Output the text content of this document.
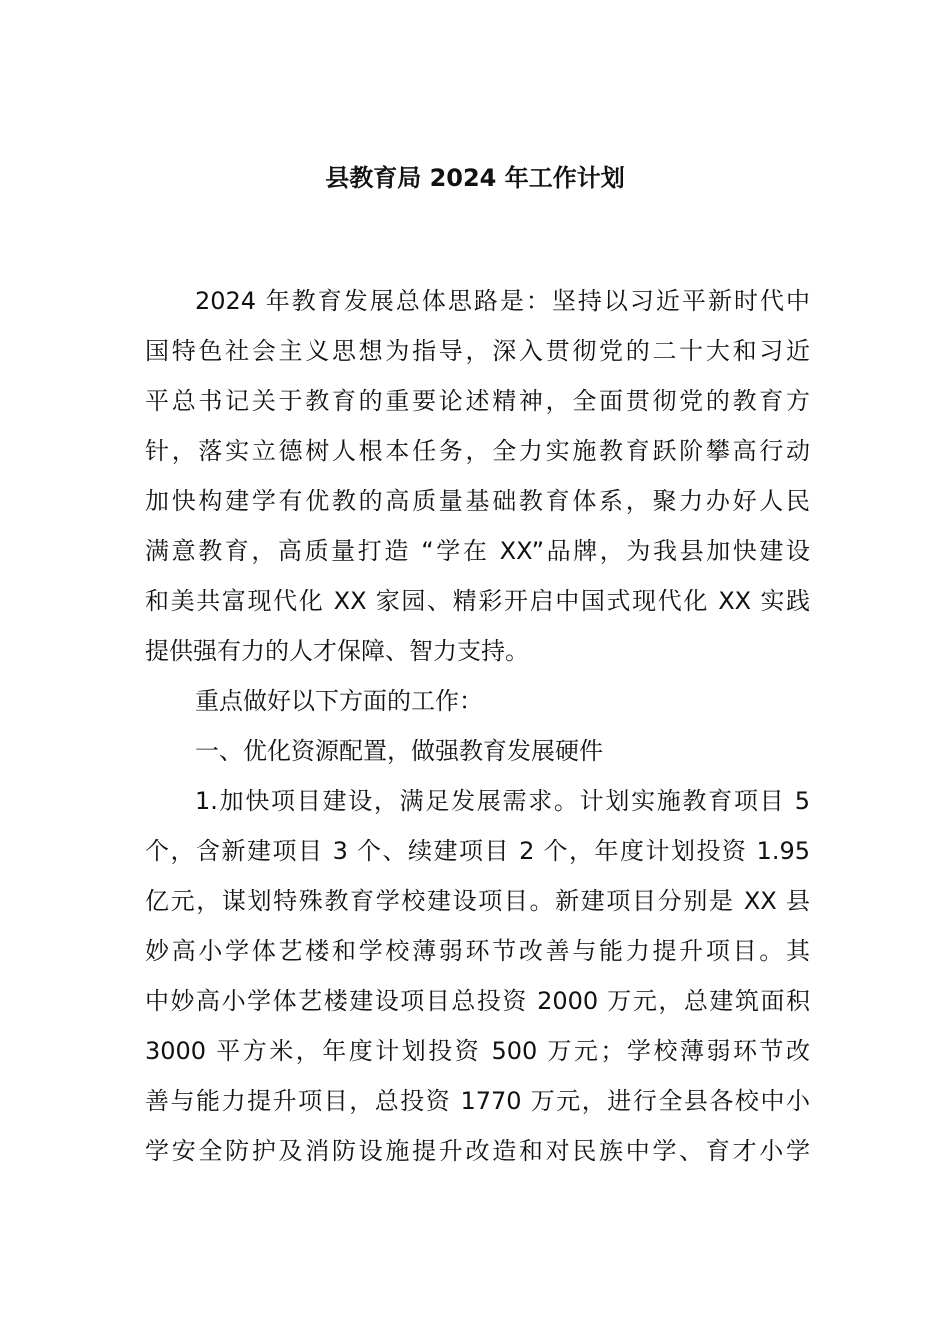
县教育局 2024 年工作计划
2024 年教育发展总体思路是：坚持以习近平新时代中
国特色社会主义思想为指导，深入贯彻党的二十大和习近
平总书记关于教育的重要论述精神，全面贯彻党的教育方
针，落实立德树人根本任务，全力实施教育跃阶攀高行动
加快构建学有优教的高质量基础教育体系，聚力办好人民
满意教育，高质量打造 “学在 XX”品牌，为我县加快建设
和美共富现代化 XX 家园、精彩开启中国式现代化 XX 实践
提供强有力的人才保障、智力支持。
重点做好以下方面的工作：
一、优化资源配置，做强教育发展硬件
1.加快项目建设，满足发展需求。计划实施教育项目 5
个，含新建项目 3 个、续建项目 2 个，年度计划投资 1.95
亿元，谋划特殊教育学校建设项目。新建项目分别是 XX 县
妙高小学体艺楼和学校薄弱环节改善与能力提升项目。其
中妙高小学体艺楼建设项目总投资 2000 万元，总建筑面积
3000 平方米，年度计划投资 500 万元；学校薄弱环节改
善与能力提升项目，总投资 1770 万元，进行全县各校中小
学安全防护及消防设施提升改造和对民族中学、育才小学
